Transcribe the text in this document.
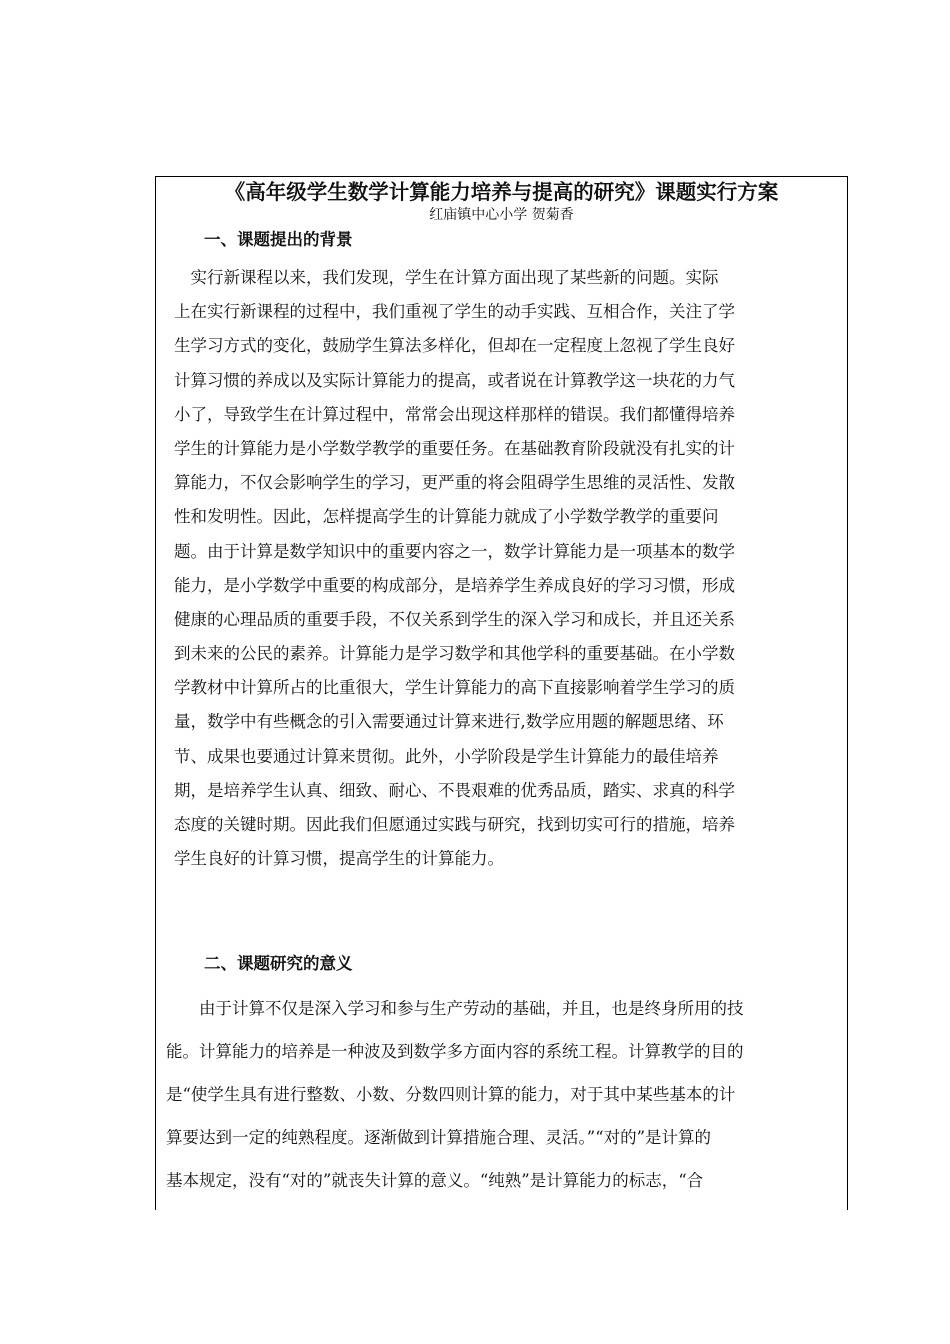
《高年级学生数学计算能力培养与提高的研究》课题实行方案
红庙镇中心小学 贺菊香
一、课题提出的背景
　实行新课程以来，我们发现，学生在计算方面出现了某些新的问题。实际
上在实行新课程的过程中，我们重视了学生的动手实践、互相合作，关注了学
生学习方式的变化，鼓励学生算法多样化，但却在一定程度上忽视了学生良好
计算习惯的养成以及实际计算能力的提高，或者说在计算教学这一块花的力气
小了，导致学生在计算过程中，常常会出现这样那样的错误。我们都懂得培养
学生的计算能力是小学数学教学的重要任务。在基础教育阶段就没有扎实的计
算能力，不仅会影响学生的学习，更严重的将会阻碍学生思维的灵活性、发散
性和发明性。因此，怎样提高学生的计算能力就成了小学数学教学的重要问
题。由于计算是数学知识中的重要内容之一，数学计算能力是一项基本的数学
能力，是小学数学中重要的构成部分，是培养学生养成良好的学习习惯，形成
健康的心理品质的重要手段，不仅关系到学生的深入学习和成长，并且还关系
到未来的公民的素养。计算能力是学习数学和其他学科的重要基础。在小学数
学教材中计算所占的比重很大，学生计算能力的高下直接影响着学生学习的质
量，数学中有些概念的引入需要通过计算来进行,数学应用题的解题思绪、环
节、成果也要通过计算来贯彻。此外，小学阶段是学生计算能力的最佳培养
期，是培养学生认真、细致、耐心、不畏艰难的优秀品质，踏实、求真的科学
态度的关键时期。因此我们但愿通过实践与研究，找到切实可行的措施，培养
学生良好的计算习惯，提高学生的计算能力。
二、课题研究的意义
　　由于计算不仅是深入学习和参与生产劳动的基础，并且，也是终身所用的技
能。计算能力的培养是一种波及到数学多方面内容的系统工程。计算教学的目的
是“使学生具有进行整数、小数、分数四则计算的能力，对于其中某些基本的计
算要达到一定的纯熟程度。逐渐做到计算措施合理、灵活。”“对的”是计算的
基本规定，没有“对的”就丧失计算的意义。“纯熟”是计算能力的标志，“合
